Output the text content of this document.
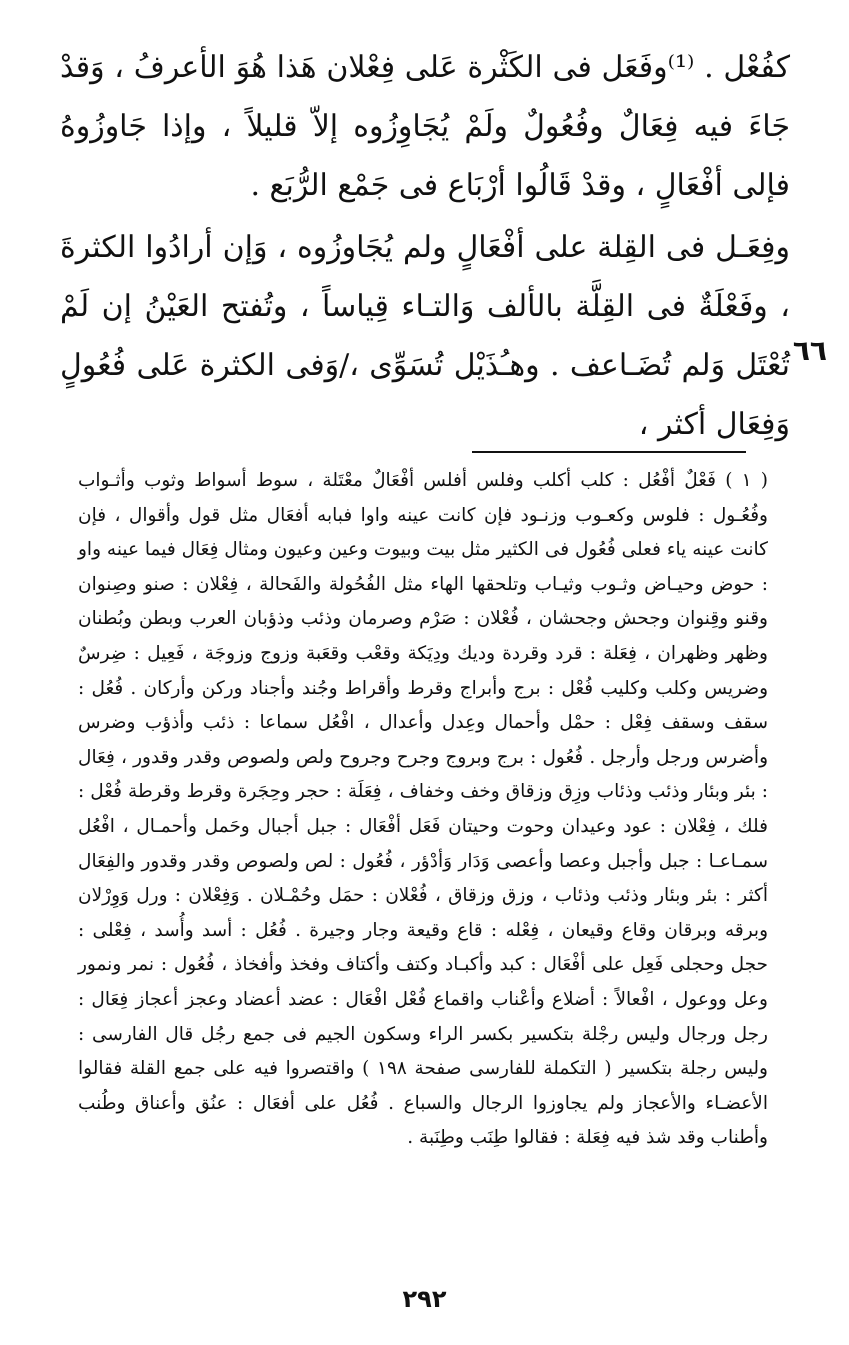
كفُعْل . ⁽¹⁾وفَعَل فى الكَثْرة عَلى فِعْلان هَذا هُوَ الأعرفُ ، وَقدْ جَاءَ فيه فِعَالٌ وفُعُولٌ ولَمْ يُجَاوِزُوه إلاّ قليلاً ، وإذا جَاوزُوهُ فإلى أفْعَالٍ ، وقدْ قَالُوا أرْبَاع فى جَمْع الرُّبَع .

وفِعَـل فى القِلة على أفْعَالٍ ولم يُجَاوزُوه ، وَإن أرادُوا الكثرةَ ، وفَعْلَةٌ فى القِلَّة بالألف وَالتـاء قِياساً ، وتُفتح العَيْنُ إن لَمْ تُعْتَل وَلم تُضَـاعف . وهـُذَيْل تُسَوِّى ،/وَفى الكثرة عَلى فُعُولٍ وَفِعَال أكثر ،

٦٦

( ١ ) فَعْلٌ أفْعُل : كلب أكلب وفلس أفلس أفْعَالٌ معْتَلة ، سوط أسواط وثوب وأثـواب وفُعُـول : فلوس وكعـوب وزنـود فإن كانت عينه واوا فبابه أفعَال مثل قول وأقوال ، فإن كانت عينه ياء فعلى فُعُول فى الكثير مثل بيت وبيوت وعين وعيون ومثال فِعَال فيما عينه واو : حوض وحيـاض وثـوب وثيـاب وتلحقها الهاء مثل الفُحُولة والفَحالة ، فِعْلان : صنو وصِنوان وقنو وقِنوان وجحش وجحشان ، فُعْلان : صَرْم وصرمان وذئب وذؤبان العرب وبطن وبُطنان وظهر وظهران ، فِعَلة : قرد وقردة وديك ودِيَكة وقعْب وقعَبة وزوج وزوجَة ، فَعِيل : ضِرسٌ وضريس وكلب وكليب فُعْل : برج وأبراج وقرط وأقراط وجُند وأجناد وركن وأركان . فُعُل : سقف وسقف فِعْل : حمْل وأحمال وعِدل وأعدال ، افْعُل سماعا : ذئب وأذؤب وضرس وأضرس ورجل وأرجل . فُعُول : برج وبروج وجرح وجروح ولص ولصوص وقدر وقدور ، فِعَال : بئر وبئار وذئب وذئاب وزِق وزقاق وخف وخفاف ، فِعَلَة : حجر وحِجَرة وقرط وقرطة فُعْل : فلك ، فِعْلان : عود وعيدان وحوت وحيتان فَعَل أفْعَال : جبل أجبال وحَمل وأحمـال ، افْعُل سمـاعـا : جبل وأجبل وعصا وأعصى وَدَار وَأدْؤر ، فُعُول : لص ولصوص وقدر وقدور والفِعَال أكثر : بئر وبئار وذئب وذئاب ، وزق وزقاق ، فُعْلان : حمَل وحُمْـلان . وَفِعْلان : ورل وَوِرْلان وبرقه وبرقان وقاع وقيعان ، فِعْله : قاع وقيعة وجار وجيرة . فُعُل : أسد وأُسد ، فِعْلى : حجل وحجلى فَعِل على أفْعَال : كبد وأكبـاد وكتف وأكتاف وفخذ وأفخاذ ، فُعُول : نمر ونمور وعل ووعول ، افْعالاً : أضلاع وأعْناب واقماع فُعْل افْعَال : عضد أعضاد وعجز أعجاز فِعَال : رجل ورجال وليس رجْلة بتكسير بكسر الراء وسكون الجيم فى جمع رجُل قال الفارسى : وليس رجلة بتكسير ( التكملة للفارسى صفحة ١٩٨ ) واقتصروا فيه على جمع القلة فقالوا الأعضـاء والأعجاز ولم يجاوزوا الرجال والسباع . فُعُل على أفعَال : عنُق وأعناق وطُنب وأطناب وقد شذ فيه فِعَلة : فقالوا طِنَب وطِنَبة .

٢٩٢
